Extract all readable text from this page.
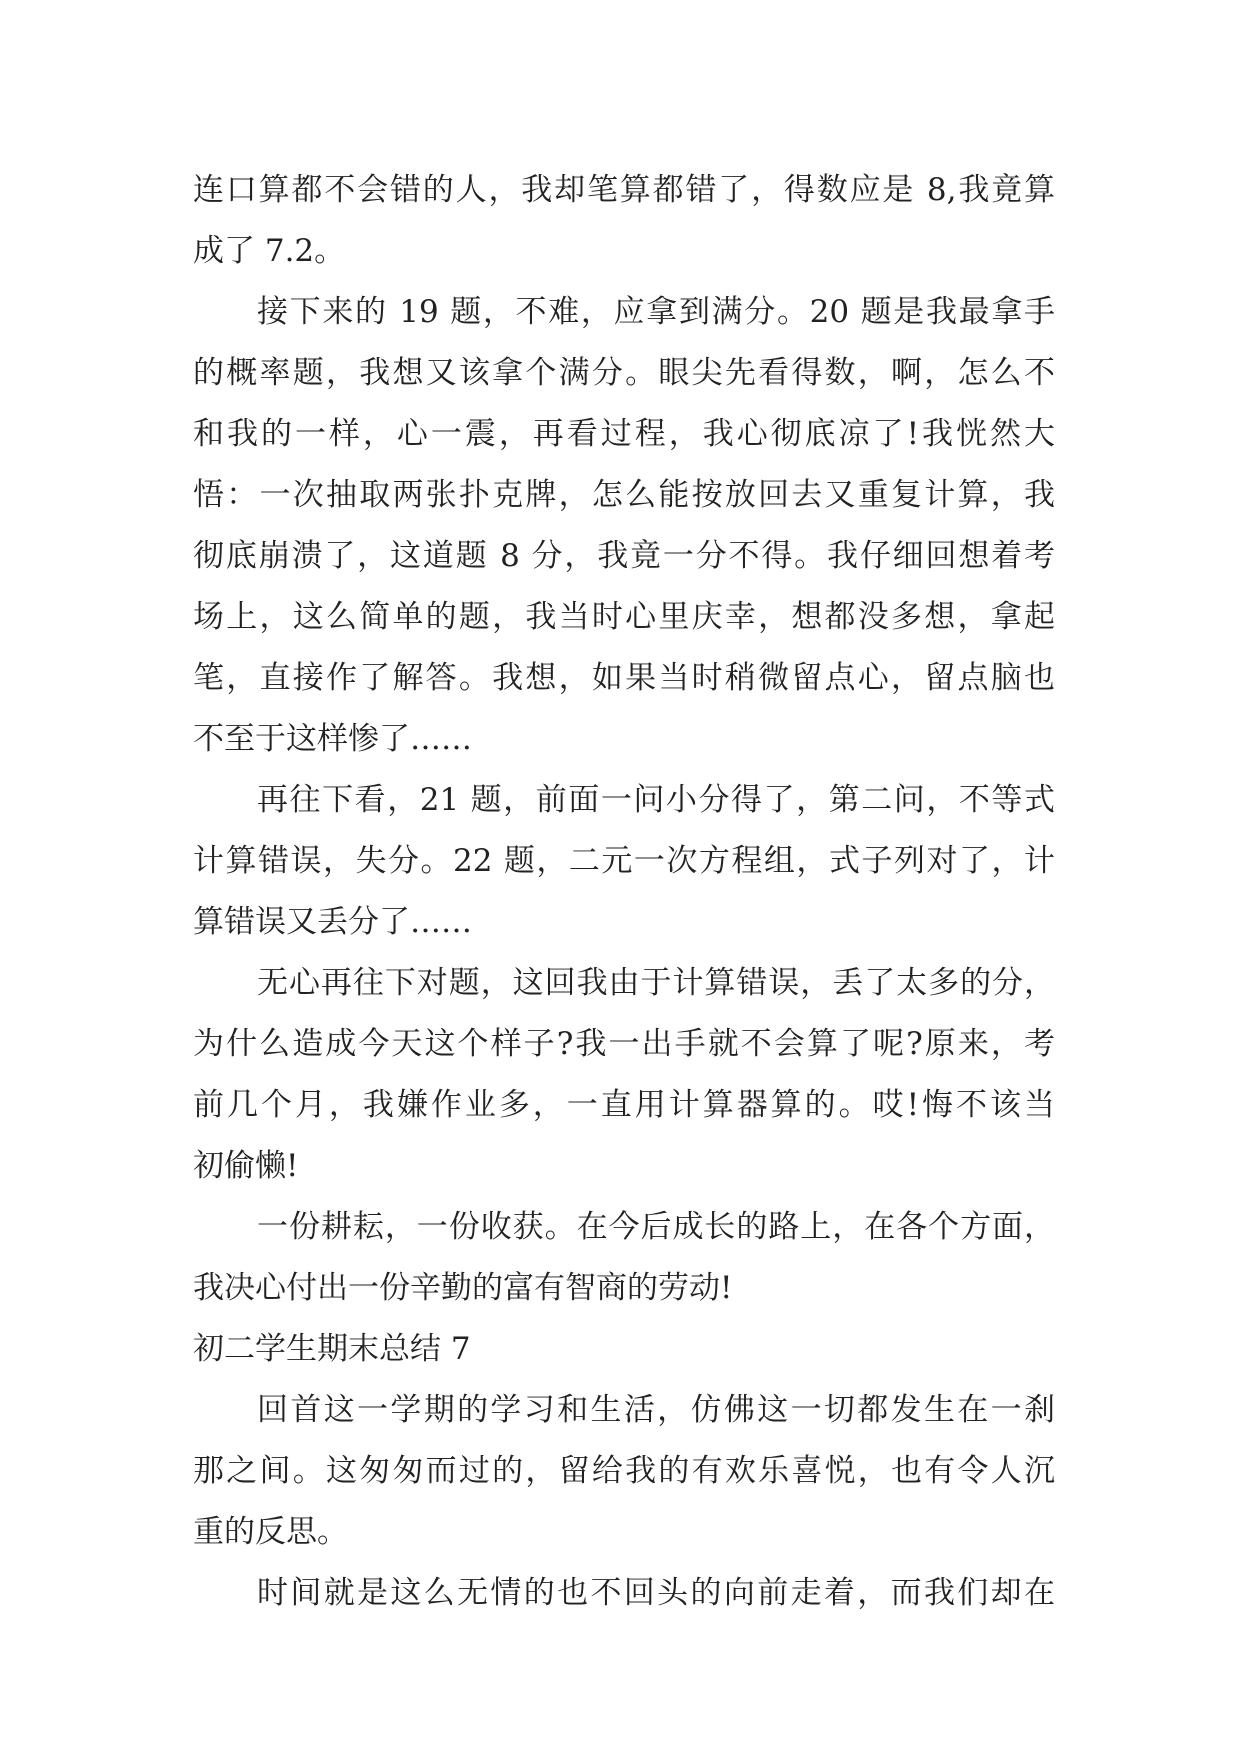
连口算都不会错的人，我却笔算都错了，得数应是 8,我竟算
成了 7.2。
接下来的 19 题，不难，应拿到满分。20 题是我最拿手
的概率题，我想又该拿个满分。眼尖先看得数，啊，怎么不
和我的一样，心一震，再看过程，我心彻底凉了!我恍然大
悟：一次抽取两张扑克牌，怎么能按放回去又重复计算，我
彻底崩溃了，这道题 8 分，我竟一分不得。我仔细回想着考
场上，这么简单的题，我当时心里庆幸，想都没多想，拿起
笔，直接作了解答。我想，如果当时稍微留点心，留点脑也
不至于这样惨了……
再往下看，21 题，前面一问小分得了，第二问，不等式
计算错误，失分。22 题，二元一次方程组，式子列对了，计
算错误又丢分了……
无心再往下对题，这回我由于计算错误，丢了太多的分，
为什么造成今天这个样子?我一出手就不会算了呢?原来，考
前几个月，我嫌作业多，一直用计算器算的。哎!悔不该当
初偷懒!
一份耕耘，一份收获。在今后成长的路上，在各个方面，
我决心付出一份辛勤的富有智商的劳动!
初二学生期末总结 7
回首这一学期的学习和生活，仿佛这一切都发生在一刹
那之间。这匆匆而过的，留给我的有欢乐喜悦，也有令人沉
重的反思。
时间就是这么无情的也不回头的向前走着，而我们却在
